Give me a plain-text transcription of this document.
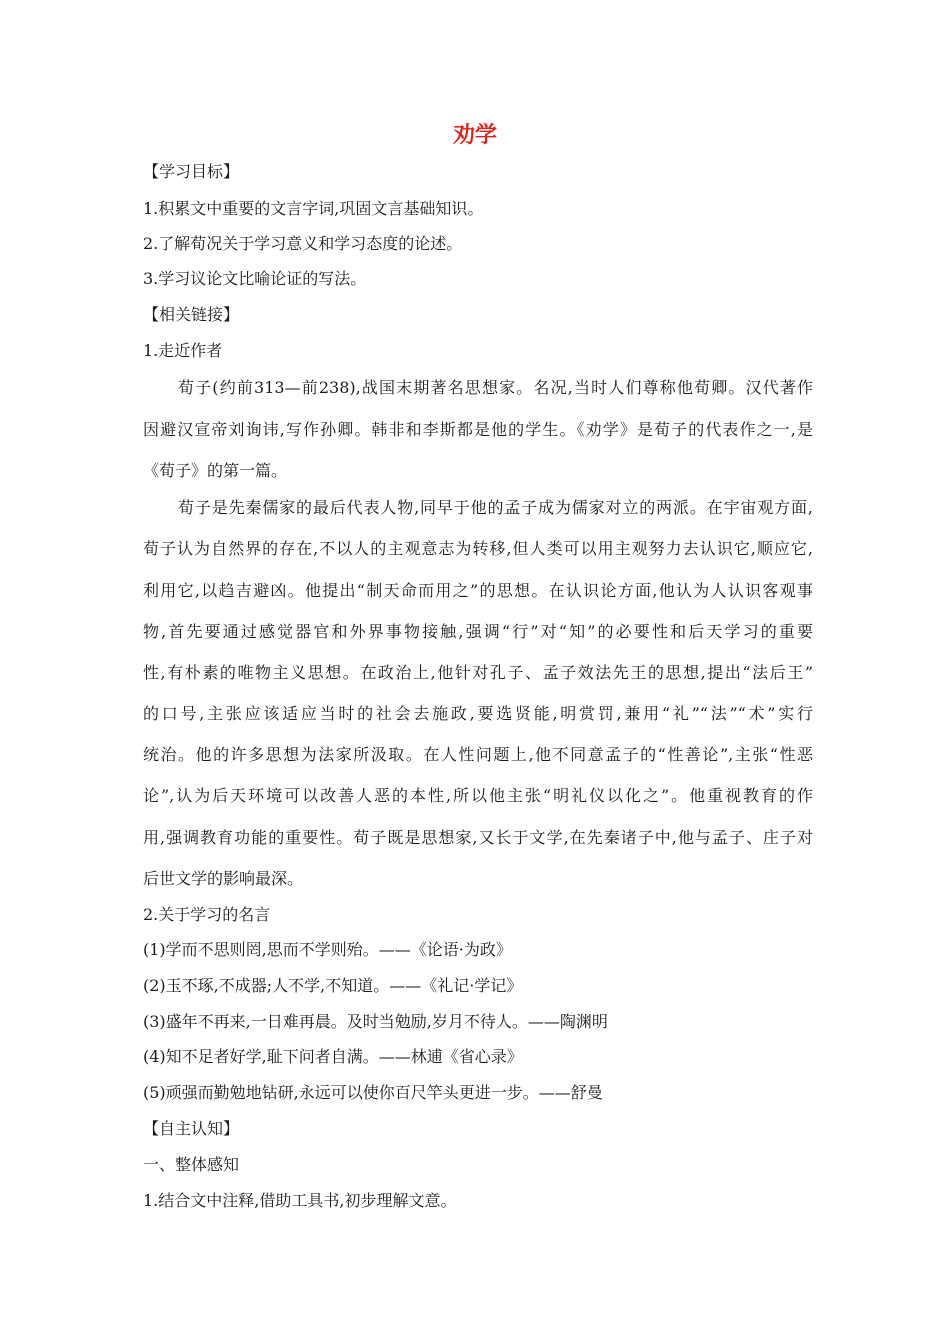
劝学
【学习目标】
1.积累文中重要的文言字词,巩固文言基础知识。
2.了解荀况关于学习意义和学习态度的论述。
3.学习议论文比喻论证的写法。
【相关链接】
1.走近作者
荀子(约前313—前238),战国末期著名思想家。名况,当时人们尊称他荀卿。汉代著作
因避汉宣帝刘询讳,写作孙卿。韩非和李斯都是他的学生。《劝学》是荀子的代表作之一,是
《荀子》的第一篇。
荀子是先秦儒家的最后代表人物,同早于他的孟子成为儒家对立的两派。在宇宙观方面,
荀子认为自然界的存在,不以人的主观意志为转移,但人类可以用主观努力去认识它,顺应它,
利用它,以趋吉避凶。他提出“制天命而用之”的思想。在认识论方面,他认为人认识客观事
物,首先要通过感觉器官和外界事物接触,强调“行”对“知”的必要性和后天学习的重要
性,有朴素的唯物主义思想。在政治上,他针对孔子、孟子效法先王的思想,提出“法后王”
的口号,主张应该适应当时的社会去施政,要选贤能,明赏罚,兼用“礼”“法”“术”实行
统治。他的许多思想为法家所汲取。在人性问题上,他不同意孟子的“性善论”,主张“性恶
论”,认为后天环境可以改善人恶的本性,所以他主张“明礼仪以化之”。他重视教育的作
用,强调教育功能的重要性。荀子既是思想家,又长于文学,在先秦诸子中,他与孟子、庄子对
后世文学的影响最深。
2.关于学习的名言
(1)学而不思则罔,思而不学则殆。——《论语·为政》
(2)玉不琢,不成器;人不学,不知道。——《礼记·学记》
(3)盛年不再来,一日难再晨。及时当勉励,岁月不待人。——陶渊明
(4)知不足者好学,耻下问者自满。——林逋《省心录》
(5)顽强而勤勉地钻研,永远可以使你百尺竿头更进一步。——舒曼
【自主认知】
一、整体感知
1.结合文中注释,借助工具书,初步理解文意。
